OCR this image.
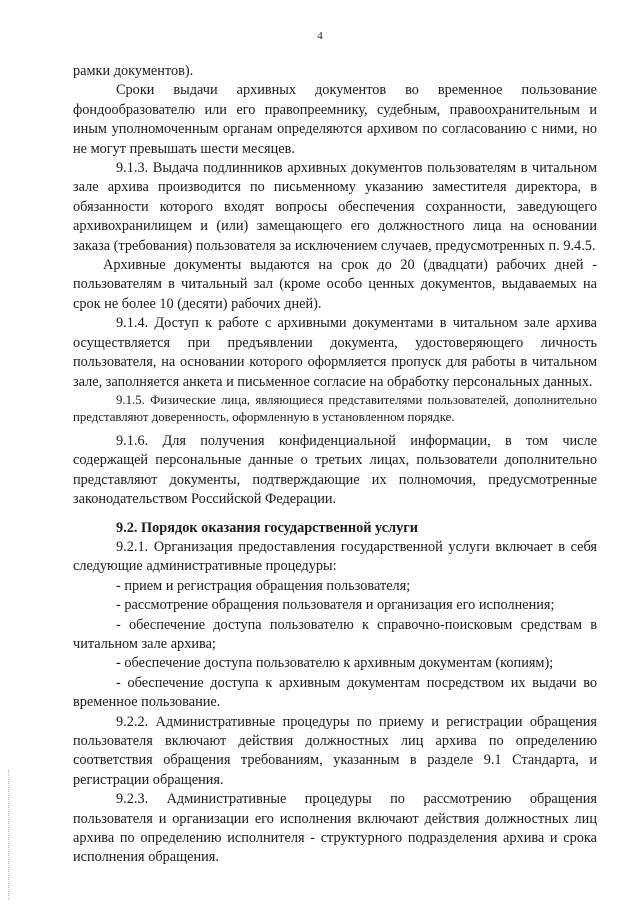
4

рамки документов).

Сроки выдачи архивных документов во временное пользование фондообразователю или его правопреемнику, судебным, правоохранительным и иным уполномоченным органам определяются архивом по согласованию с ними, но не могут превышать шести месяцев.

9.1.3. Выдача подлинников архивных документов пользователям в читальном зале архива производится по письменному указанию заместителя директора, в обязанности которого входят вопросы обеспечения сохранности, заведующего архивохранилищем и (или) замещающего его должностного лица на основании заказа (требования) пользователя за исключением случаев, предусмотренных п. 9.4.5.

Архивные документы выдаются на срок до 20 (двадцати) рабочих дней - пользователям в читальный зал (кроме особо ценных документов, выдаваемых на срок не более 10 (десяти) рабочих дней).

9.1.4. Доступ к работе с архивными документами в читальном зале архива осуществляется при предъявлении документа, удостоверяющего личность пользователя, на основании которого оформляется пропуск для работы в читальном зале, заполняется анкета и письменное согласие на обработку персональных данных.

9.1.5. Физические лица, являющиеся представителями пользователей, дополнительно представляют доверенность, оформленную в установленном порядке.

9.1.6. Для получения конфиденциальной информации, в том числе содержащей персональные данные о третьих лицах, пользователи дополнительно представляют документы, подтверждающие их полномочия, предусмотренные законодательством Российской Федерации.

9.2. Порядок оказания государственной услуги

9.2.1. Организация предоставления государственной услуги включает в себя следующие административные процедуры:

- прием и регистрация обращения пользователя;

- рассмотрение обращения пользователя и организация его исполнения;

- обеспечение доступа пользователю к справочно-поисковым средствам в читальном зале архива;

- обеспечение доступа пользователю к архивным документам (копиям);

- обеспечение доступа к архивным документам посредством их выдачи во временное пользование.

9.2.2. Административные процедуры по приему и регистрации обращения пользователя включают действия должностных лиц архива по определению соответствия обращения требованиям, указанным в разделе 9.1 Стандарта, и регистрации обращения.

9.2.3. Административные процедуры по рассмотрению обращения пользователя и организации его исполнения включают действия должностных лиц архива по определению исполнителя - структурного подразделения архива и срока исполнения обращения.
